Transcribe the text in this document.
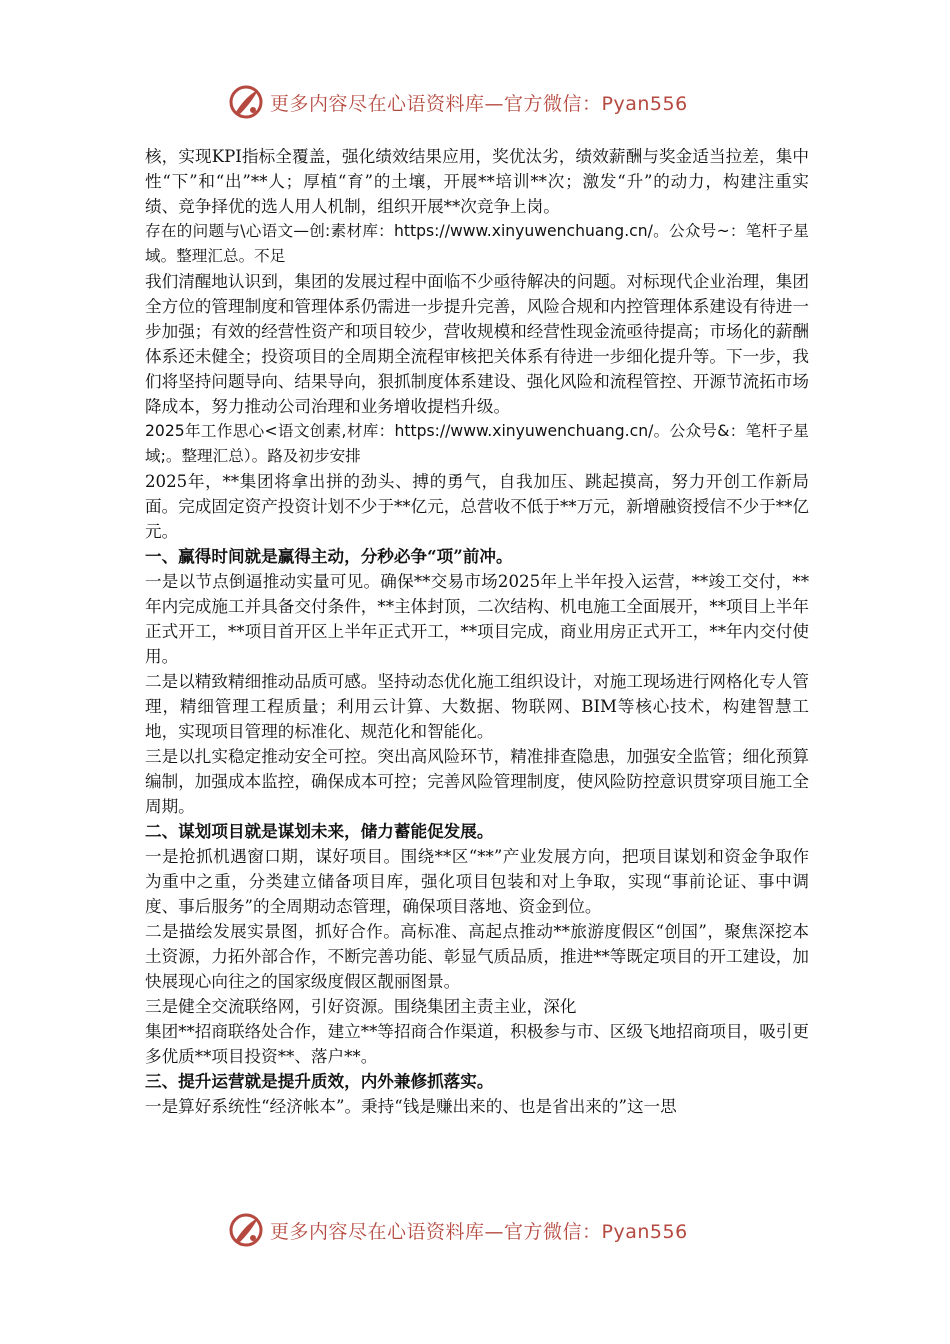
更多内容尽在心语资料库—官方微信：Pyan556

核，实现KPI指标全覆盖，强化绩效结果应用，奖优汰劣，绩效薪酬与奖金适当拉差，集中性“下”和“出”**人；厚植“育”的土壤，开展**培训**次；激发“升”的动力，构建注重实绩、竞争择优的选人用人机制，组织开展**次竞争上岗。

存在的问题与\心语文—创:素材库：https://www.xinyuwenchuang.cn/。公众号~：笔杆子星域。整理汇总。不足

我们清醒地认识到，集团的发展过程中面临不少亟待解决的问题。对标现代企业治理，集团全方位的管理制度和管理体系仍需进一步提升完善，风险合规和内控管理体系建设有待进一步加强；有效的经营性资产和项目较少，营收规模和经营性现金流亟待提高；市场化的薪酬体系还未健全；投资项目的全周期全流程审核把关体系有待进一步细化提升等。下一步，我们将坚持问题导向、结果导向，狠抓制度体系建设、强化风险和流程管控、开源节流拓市场降成本，努力推动公司治理和业务增收提档升级。

2025年工作思心<语文创素,材库：https://www.xinyuwenchuang.cn/。公众号&：笔杆子星域;。整理汇总）。路及初步安排

2025年，**集团将拿出拼的劲头、搏的勇气，自我加压、跳起摸高，努力开创工作新局面。完成固定资产投资计划不少于**亿元，总营收不低于**万元，新增融资授信不少于**亿元。

一、赢得时间就是赢得主动，分秒必争“项”前冲。

一是以节点倒逼推动实量可见。确保**交易市场2025年上半年投入运营，**竣工交付，**年内完成施工并具备交付条件，**主体封顶，二次结构、机电施工全面展开，**项目上半年正式开工，**项目首开区上半年正式开工，**项目完成，商业用房正式开工，**年内交付使用。

二是以精致精细推动品质可感。坚持动态优化施工组织设计，对施工现场进行网格化专人管理，精细管理工程质量；利用云计算、大数据、物联网、BIM等核心技术，构建智慧工地，实现项目管理的标准化、规范化和智能化。

三是以扎实稳定推动安全可控。突出高风险环节，精准排查隐患，加强安全监管；细化预算编制，加强成本监控，确保成本可控；完善风险管理制度，使风险防控意识贯穿项目施工全周期。

二、谋划项目就是谋划未来，储力蓄能促发展。

一是抢抓机遇窗口期，谋好项目。围绕**区“**”产业发展方向，把项目谋划和资金争取作为重中之重，分类建立储备项目库，强化项目包装和对上争取，实现“事前论证、事中调度、事后服务”的全周期动态管理，确保项目落地、资金到位。

二是描绘发展实景图，抓好合作。高标准、高起点推动**旅游度假区“创国”，聚焦深挖本土资源，力拓外部合作，不断完善功能、彰显气质品质，推进**等既定项目的开工建设，加快展现心向往之的国家级度假区靓丽图景。

三是健全交流联络网，引好资源。围绕集团主责主业，深化

集团**招商联络处合作，建立**等招商合作渠道，积极参与市、区级飞地招商项目，吸引更多优质**项目投资**、落户**。

三、提升运营就是提升质效，内外兼修抓落实。

一是算好系统性“经济帐本”。秉持“钱是赚出来的、也是省出来的”这一思

更多内容尽在心语资料库—官方微信：Pyan556
